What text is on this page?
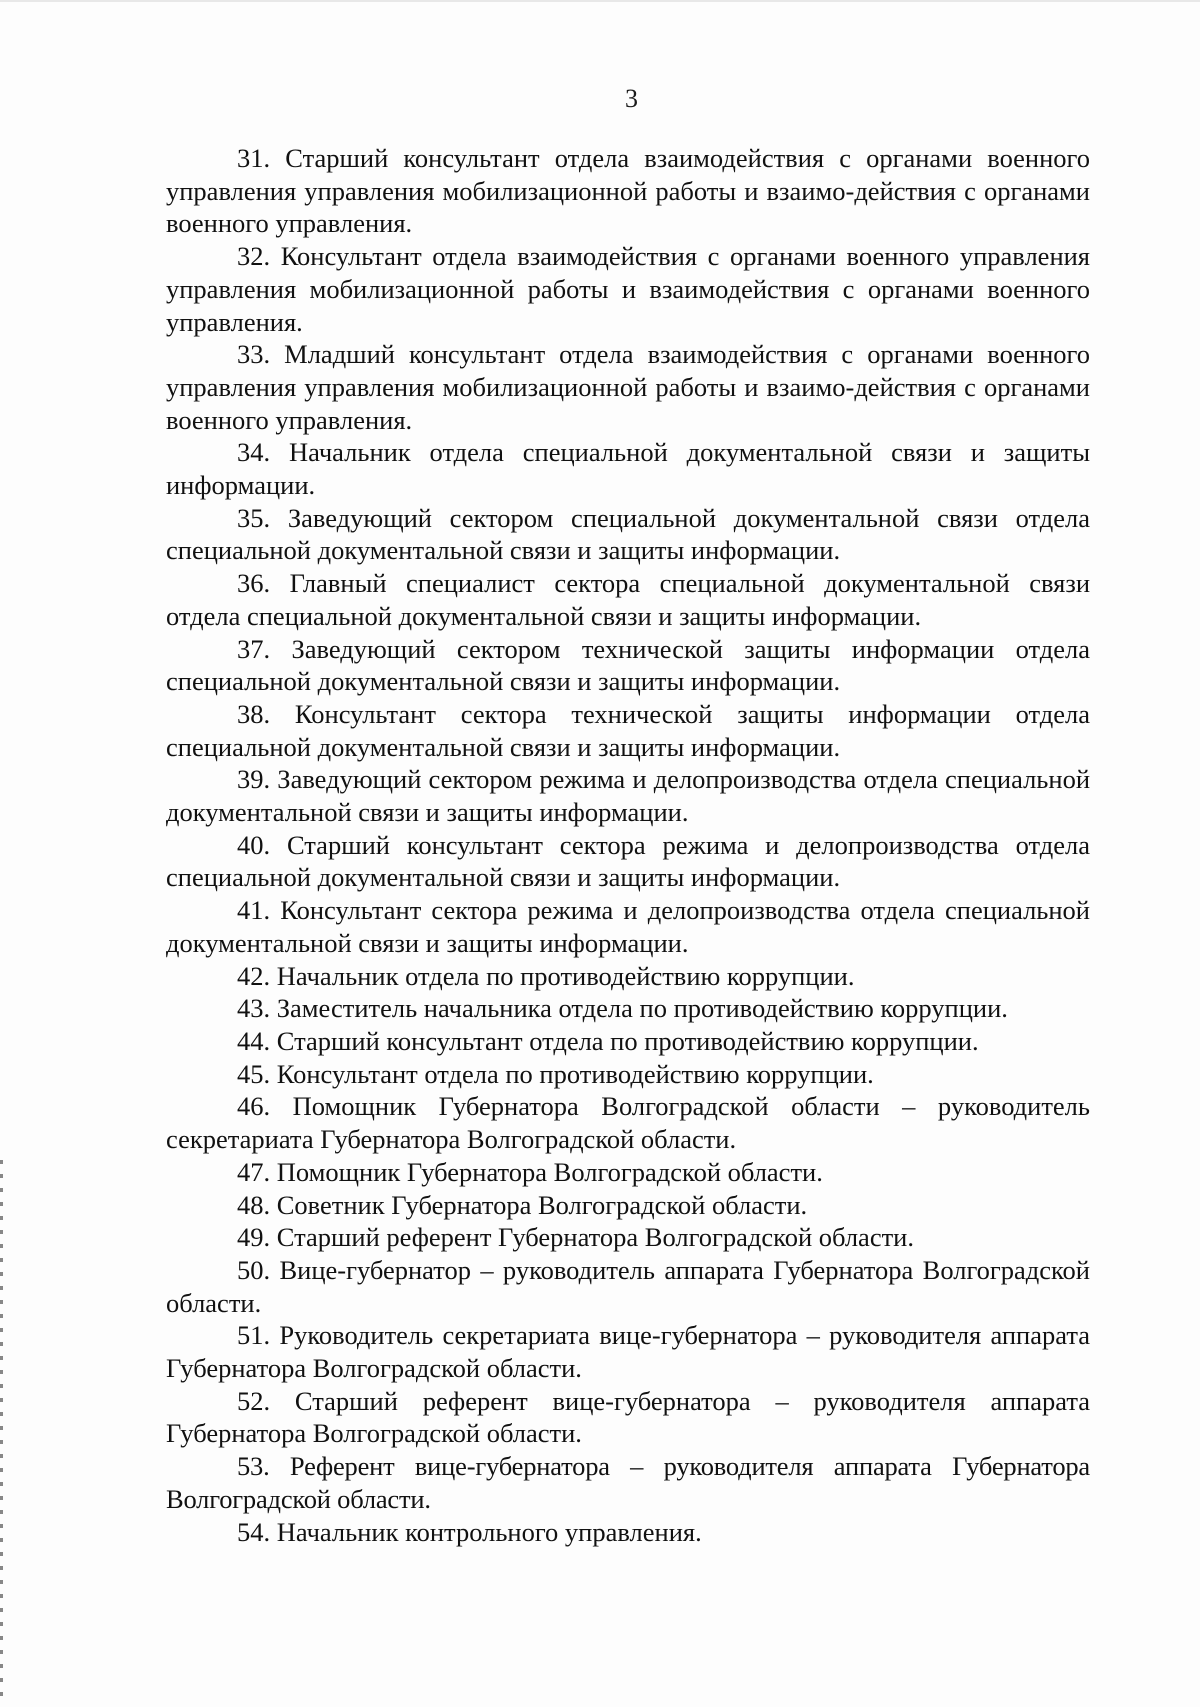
3

31. Старший консультант отдела взаимодействия с органами военного управления управления мобилизационной работы и взаимо-действия с органами военного управления.

32. Консультант отдела взаимодействия с органами военного управления управления мобилизационной работы и взаимодействия с органами военного управления.

33. Младший консультант отдела взаимодействия с органами военного управления управления мобилизационной работы и взаимо-действия с органами военного управления.

34. Начальник отдела специальной документальной связи и защиты информации.

35. Заведующий сектором специальной документальной связи отдела специальной документальной связи и защиты информации.

36. Главный специалист сектора специальной документальной связи отдела специальной документальной связи и защиты информации.

37. Заведующий сектором технической защиты информации отдела специальной документальной связи и защиты информации.

38. Консультант сектора технической защиты информации отдела специальной документальной связи и защиты информации.

39. Заведующий сектором режима и делопроизводства отдела специальной документальной связи и защиты информации.

40. Старший консультант сектора режима и делопроизводства отдела специальной документальной связи и защиты информации.

41. Консультант сектора режима и делопроизводства отдела специальной документальной связи и защиты информации.

42. Начальник отдела по противодействию коррупции.

43. Заместитель начальника отдела по противодействию коррупции.

44. Старший консультант отдела по противодействию коррупции.

45. Консультант отдела по противодействию коррупции.

46. Помощник Губернатора Волгоградской области – руководитель секретариата Губернатора Волгоградской области.

47. Помощник Губернатора Волгоградской области.

48. Советник Губернатора Волгоградской области.

49. Старший референт Губернатора Волгоградской области.

50. Вице-губернатор – руководитель аппарата Губернатора Волгоградской области.

51. Руководитель секретариата вице-губернатора – руководителя аппарата Губернатора Волгоградской области.

52. Старший референт вице-губернатора – руководителя аппарата Губернатора Волгоградской области.

53. Референт вице-губернатора – руководителя аппарата Губернатора Волгоградской области.

54. Начальник контрольного управления.
